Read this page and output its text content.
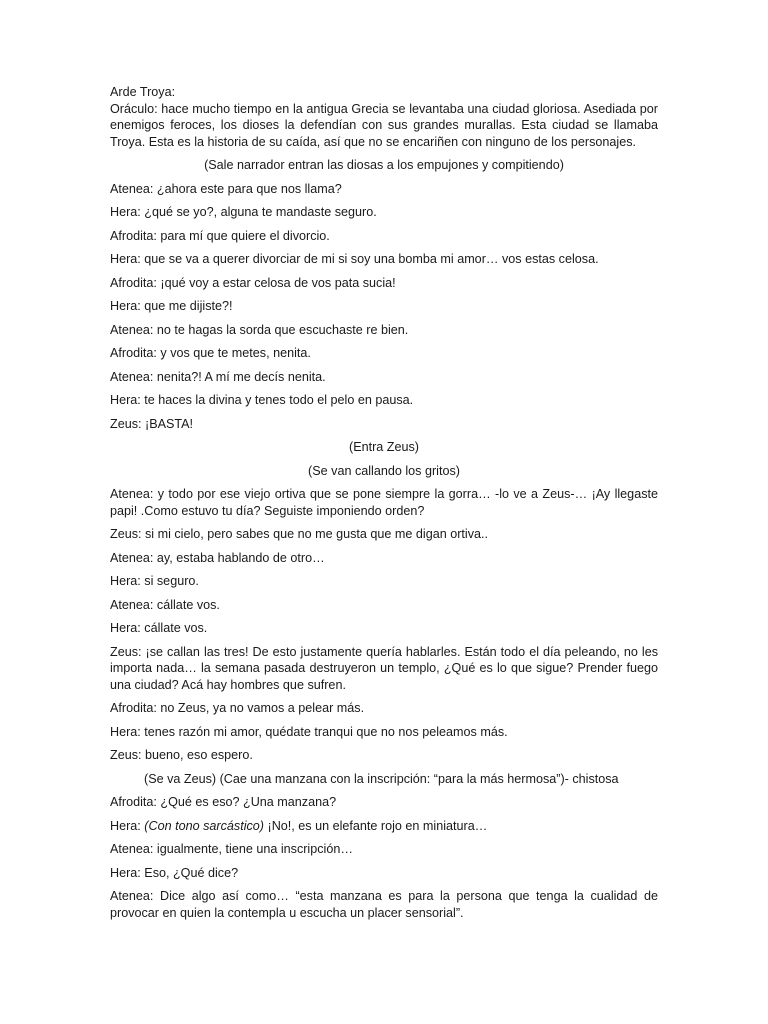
Arde Troya:

Oráculo: hace mucho tiempo en la antigua Grecia se levantaba una ciudad gloriosa. Asediada por enemigos feroces, los dioses la defendían con sus grandes murallas. Esta ciudad se llamaba Troya. Esta es la historia de su caída, así que no se encariñen con ninguno de los personajes.

(Sale narrador entran las diosas a los empujones y compitiendo)

Atenea: ¿ahora este para que nos llama?

Hera: ¿qué se yo?, alguna te mandaste seguro.

Afrodita: para mí que quiere el divorcio.

Hera: que se va a querer divorciar de mi si soy una bomba mi amor… vos estas celosa.

Afrodita: ¡qué voy a estar celosa de vos pata sucia!

Hera: que me dijiste?!

Atenea: no te hagas la sorda que escuchaste re bien.

Afrodita: y vos que te metes, nenita.

Atenea: nenita?! A mí me decís nenita.

Hera: te haces la divina y tenes todo el pelo en pausa.

Zeus: ¡BASTA!

(Entra Zeus)

(Se van callando los gritos)

Atenea: y todo por ese viejo ortiva que se pone siempre la gorra… -lo ve a Zeus-… ¡Ay llegaste papi! .Como estuvo tu día? Seguiste imponiendo orden?

Zeus: si mi cielo, pero sabes que no me gusta que me digan ortiva..

Atenea: ay, estaba hablando de otro…

Hera: si seguro.

Atenea: cállate vos.

Hera: cállate vos.

Zeus: ¡se callan las tres! De esto justamente quería hablarles. Están todo el día peleando, no les importa nada… la semana pasada destruyeron un templo, ¿Qué es lo que sigue? Prender fuego una ciudad? Acá hay hombres que sufren.

Afrodita: no Zeus, ya no vamos a pelear más.

Hera: tenes razón mi amor, quédate tranqui que no nos peleamos más.

Zeus: bueno, eso espero.

(Se va Zeus) (Cae una manzana con la inscripción: “para la más hermosa”)- chistosa

Afrodita: ¿Qué es eso? ¿Una manzana?

Hera: (Con tono sarcástico) ¡No!, es un elefante rojo en miniatura…

Atenea: igualmente, tiene una inscripción…

Hera: Eso, ¿Qué dice?

Atenea: Dice algo así como… “esta manzana es para la persona que tenga la cualidad de provocar en quien la contempla u escucha un placer sensorial”.
